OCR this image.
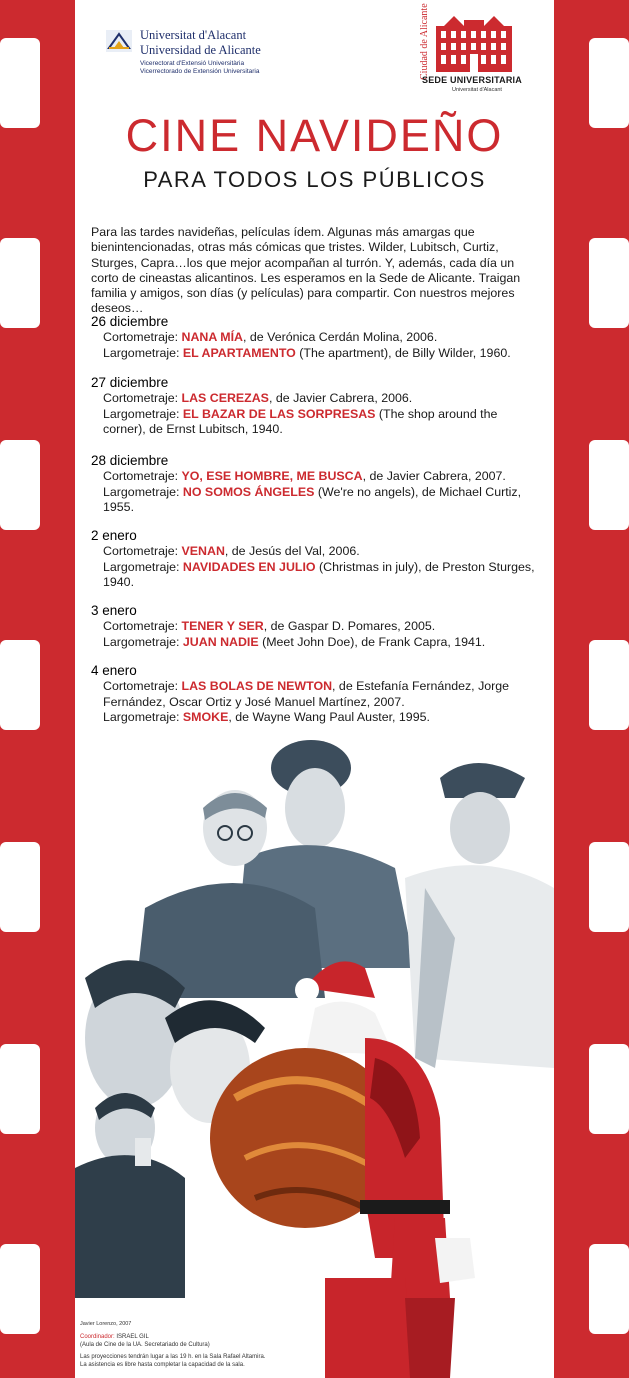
Universitat d'Alacant
Universidad de Alicante
Vicerectorat d'Extensió Universitària
Vicerrectorado de Extensión Universitaria	Ciudad de Alicante
SEDE UNIVERSITARIA
Universitat d'Alacant
CINE NAVIDEÑO
PARA TODOS LOS PÚBLICOS

Para las tardes navideñas, películas ídem. Algunas más amargas que bienintencionadas, otras más cómicas que tristes. Wilder, Lubitsch, Curtiz, Sturges, Capra…los que mejor acompañan al turrón. Y, además, cada día un corto de cineastas alicantinos. Les esperamos en la Sede de Alicante. Traigan familia y amigos, son días (y películas) para compartir. Con nuestros mejores deseos…

26 diciembre

Cortometraje: NANA MÍA, de Verónica Cerdán Molina, 2006.

Largometraje: EL APARTAMENTO (The apartment), de Billy Wilder, 1960.

27 diciembre

Cortometraje: LAS CEREZAS, de Javier Cabrera, 2006.

Largometraje: EL BAZAR DE LAS SORPRESAS (The shop around the corner), de Ernst Lubitsch, 1940.

28 diciembre

Cortometraje: YO, ESE HOMBRE, ME BUSCA, de Javier Cabrera, 2007.

Largometraje: NO SOMOS ÁNGELES (We're no angels), de Michael Curtiz, 1955.

2 enero

Cortometraje: VENAN, de Jesús del Val, 2006.

Largometraje: NAVIDADES EN JULIO (Christmas in july), de Preston Sturges, 1940.

3 enero

Cortometraje: TENER Y SER, de Gaspar D. Pomares, 2005.

Largometraje: JUAN NADIE (Meet John Doe), de Frank Capra, 1941.

4 enero

Cortometraje: LAS BOLAS DE NEWTON, de Estefanía Fernández, Jorge Fernández, Oscar Ortiz y José Manuel Martínez, 2007.

Largometraje: SMOKE, de Wayne Wang Paul Auster, 1995.

Javier Lorenzo, 2007

Coordinador: ISRAEL GIL

(Aula de Cine de la UA. Secretariado de Cultura)

Las proyecciones tendrán lugar a las 19 h. en la Sala Rafael Altamira.

La asistencia es libre hasta completar la capacidad de la sala.
